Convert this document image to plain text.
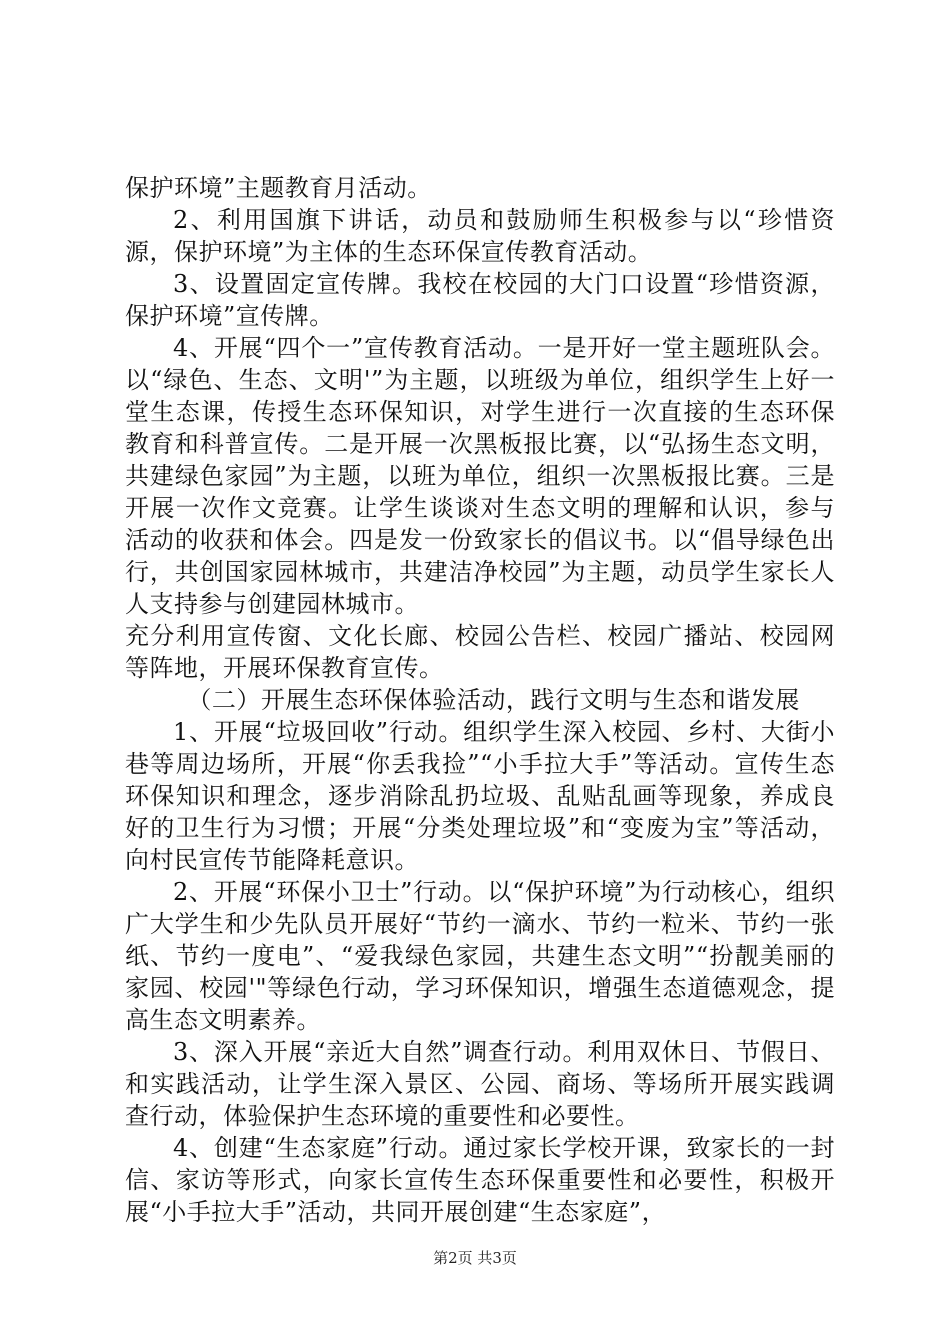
保护环境”主题教育月活动。

2、利用国旗下讲话，动员和鼓励师生积极参与以“珍惜资源，保护环境”为主体的生态环保宣传教育活动。

3、设置固定宣传牌。我校在校园的大门口设置“珍惜资源，保护环境”宣传牌。

4、开展“四个一”宣传教育活动。一是开好一堂主题班队会。以“绿色、生态、文明'”为主题，以班级为单位，组织学生上好一堂生态课，传授生态环保知识，对学生进行一次直接的生态环保教育和科普宣传。二是开展一次黑板报比赛，以“弘扬生态文明，共建绿色家园”为主题，以班为单位，组织一次黑板报比赛。三是开展一次作文竞赛。让学生谈谈对生态文明的理解和认识，参与活动的收获和体会。四是发一份致家长的倡议书。以“倡导绿色出行，共创国家园林城市，共建洁净校园”为主题，动员学生家长人人支持参与创建园林城市。

充分利用宣传窗、文化长廊、校园公告栏、校园广播站、校园网等阵地，开展环保教育宣传。

（二）开展生态环保体验活动，践行文明与生态和谐发展

1、开展“垃圾回收”行动。组织学生深入校园、乡村、大街小巷等周边场所，开展“你丢我捡”“小手拉大手”等活动。宣传生态环保知识和理念，逐步消除乱扔垃圾、乱贴乱画等现象，养成良好的卫生行为习惯；开展“分类处理垃圾”和“变废为宝”等活动，向村民宣传节能降耗意识。

2、开展“环保小卫士”行动。以“保护环境”为行动核心，组织广大学生和少先队员开展好“节约一滴水、节约一粒米、节约一张纸、节约一度电”、“爱我绿色家园，共建生态文明”“扮靓美丽的家园、校园'"等绿色行动，学习环保知识，增强生态道德观念，提高生态文明素养。

3、深入开展“亲近大自然”调查行动。利用双休日、节假日、和实践活动，让学生深入景区、公园、商场、等场所开展实践调查行动，体验保护生态环境的重要性和必要性。

4、创建“生态家庭”行动。通过家长学校开课，致家长的一封信、家访等形式，向家长宣传生态环保重要性和必要性，积极开展“小手拉大手”活动，共同开展创建“生态家庭”，

第2页 共3页
